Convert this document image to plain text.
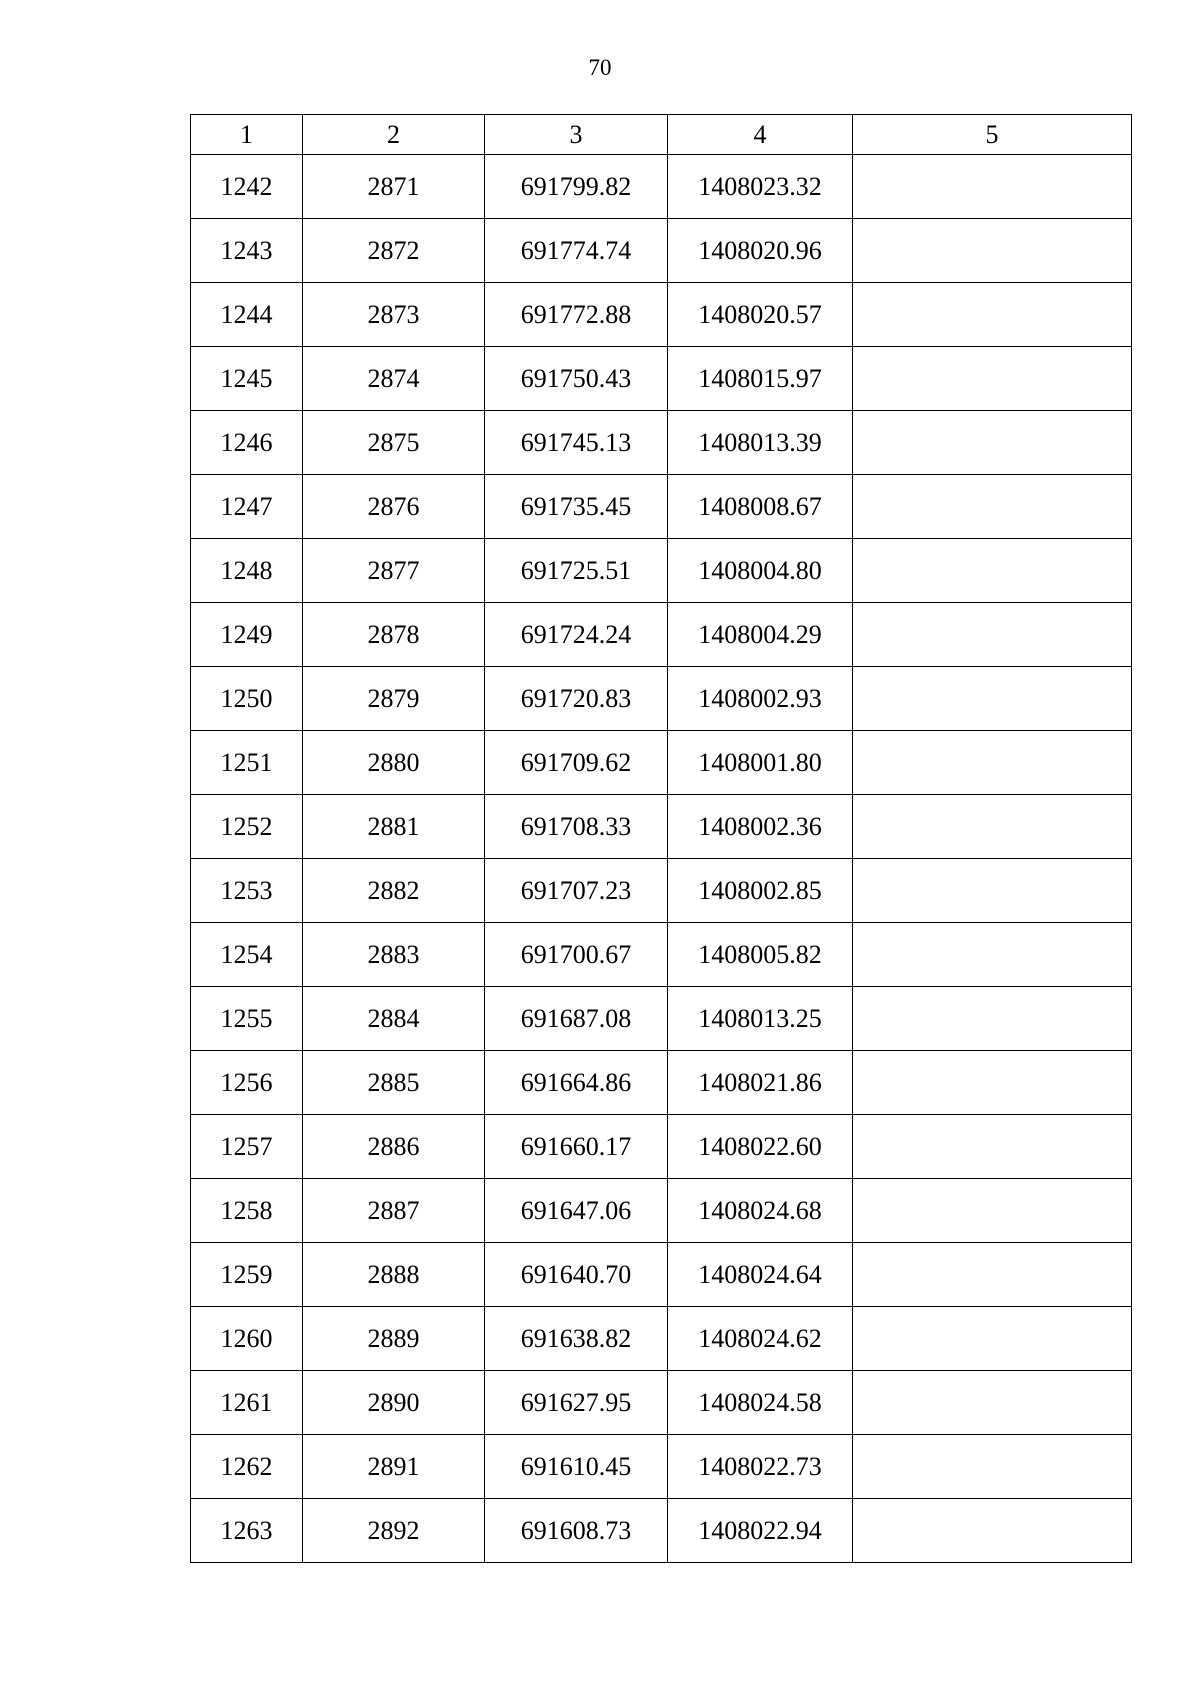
70
1	2	3	4	5
1242	2871	691799.82	1408023.32	
1243	2872	691774.74	1408020.96	
1244	2873	691772.88	1408020.57	
1245	2874	691750.43	1408015.97	
1246	2875	691745.13	1408013.39	
1247	2876	691735.45	1408008.67	
1248	2877	691725.51	1408004.80	
1249	2878	691724.24	1408004.29	
1250	2879	691720.83	1408002.93	
1251	2880	691709.62	1408001.80	
1252	2881	691708.33	1408002.36	
1253	2882	691707.23	1408002.85	
1254	2883	691700.67	1408005.82	
1255	2884	691687.08	1408013.25	
1256	2885	691664.86	1408021.86	
1257	2886	691660.17	1408022.60	
1258	2887	691647.06	1408024.68	
1259	2888	691640.70	1408024.64	
1260	2889	691638.82	1408024.62	
1261	2890	691627.95	1408024.58	
1262	2891	691610.45	1408022.73	
1263	2892	691608.73	1408022.94	
